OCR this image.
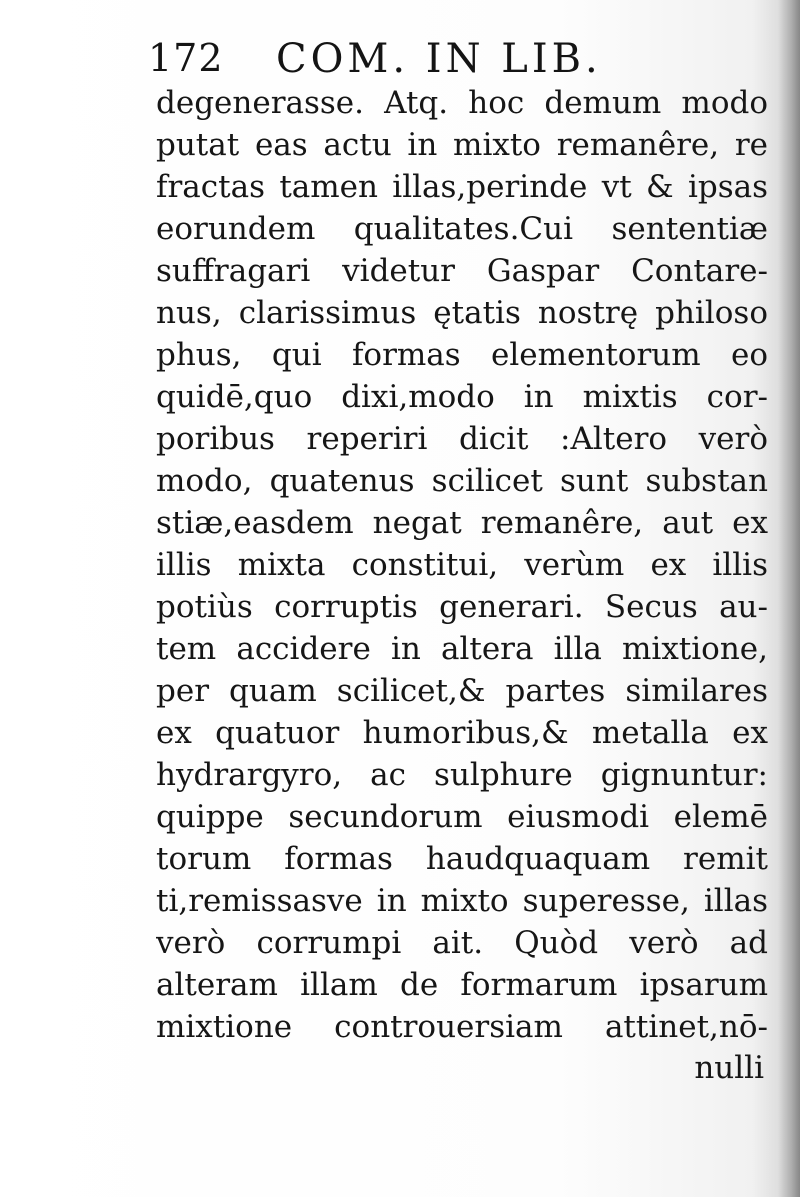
172 COM. IN LIB.
degenerasse. Atq. hoc demum modo
putat eas actu in mixto remanêre, re
fractas tamen illas,perinde vt & ipsas
eorundem qualitates.Cui sententiæ
suffragari videtur Gaspar Contare-
nus, clarissimus ętatis nostrę philoso
phus, qui formas elementorum eo
quidē,quo dixi,modo in mixtis cor-
poribus reperiri dicit :Altero verò
modo, quatenus scilicet sunt substan
stiæ,easdem negat remanêre, aut ex
illis mixta constitui, verùm ex illis
potiùs corruptis generari. Secus au-
tem accidere in altera illa mixtione,
per quam scilicet,& partes similares
ex quatuor humoribus,& metalla ex
hydrargyro, ac sulphure gignuntur:
quippe secundorum eiusmodi elemē
torum formas haudquaquam remit
ti,remissasve in mixto superesse, illas
verò corrumpi ait. Quòd verò ad
alteram illam de formarum ipsarum
mixtione controuersiam attinet,nō-
nulli
